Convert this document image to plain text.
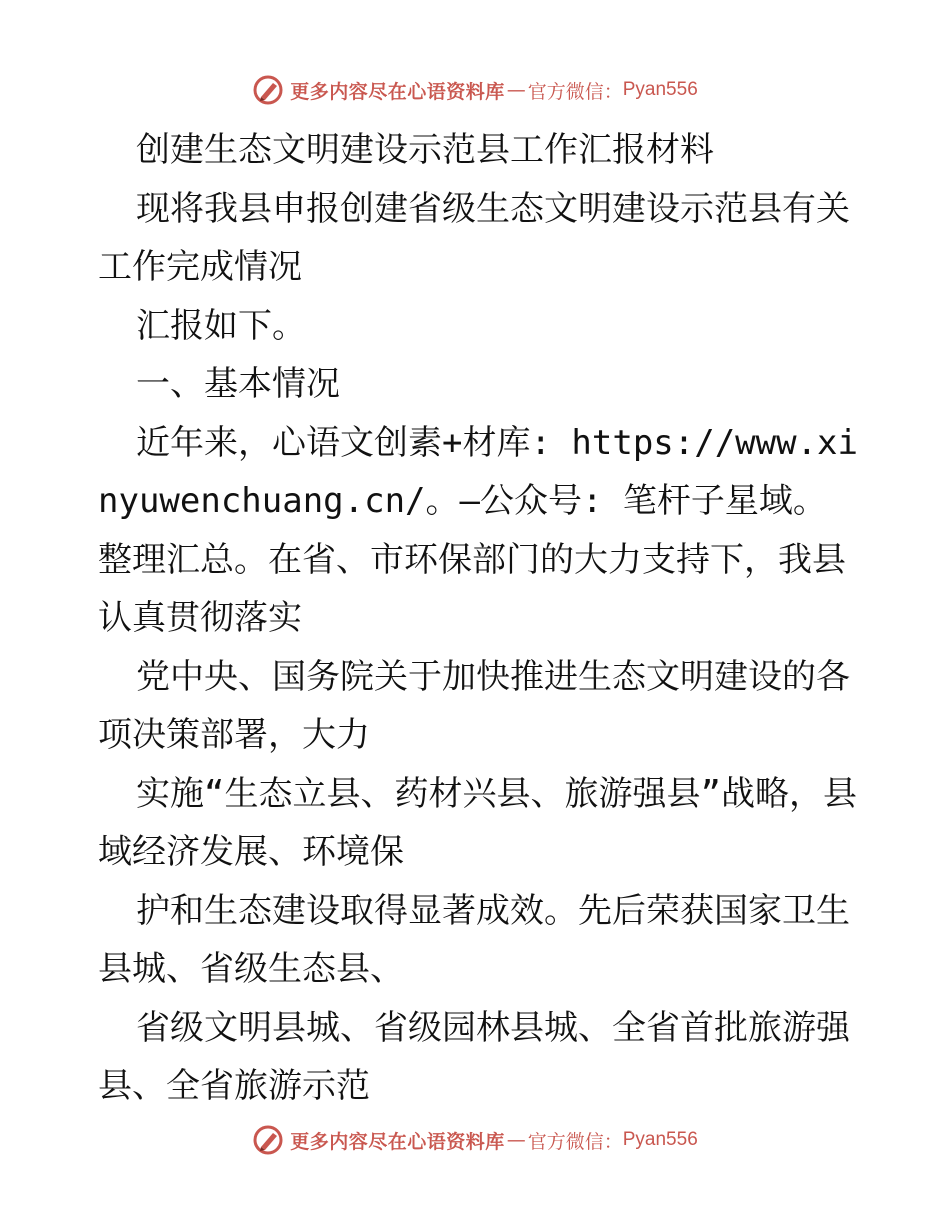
更多内容尽在心语资料库 — 官方微信： Pyan556

创建生态文明建设示范县工作汇报材料

现将我县申报创建省级生态文明建设示范县有关工作完成情况

汇报如下。

一、基本情况

近年来，心语文创素+材库: https://www.xinyuwenchuang.cn/。—公众号: 笔杆子星域。整理汇总。在省、市环保部门的大力支持下，我县认真贯彻落实

党中央、国务院关于加快推进生态文明建设的各项决策部署，大力

实施“生态立县、药材兴县、旅游强县”战略，县域经济发展、环境保

护和生态建设取得显著成效。先后荣获国家卫生县城、省级生态县、

省级文明县城、省级园林县城、全省首批旅游强县、全省旅游示范

更多内容尽在心语资料库 — 官方微信： Pyan556
